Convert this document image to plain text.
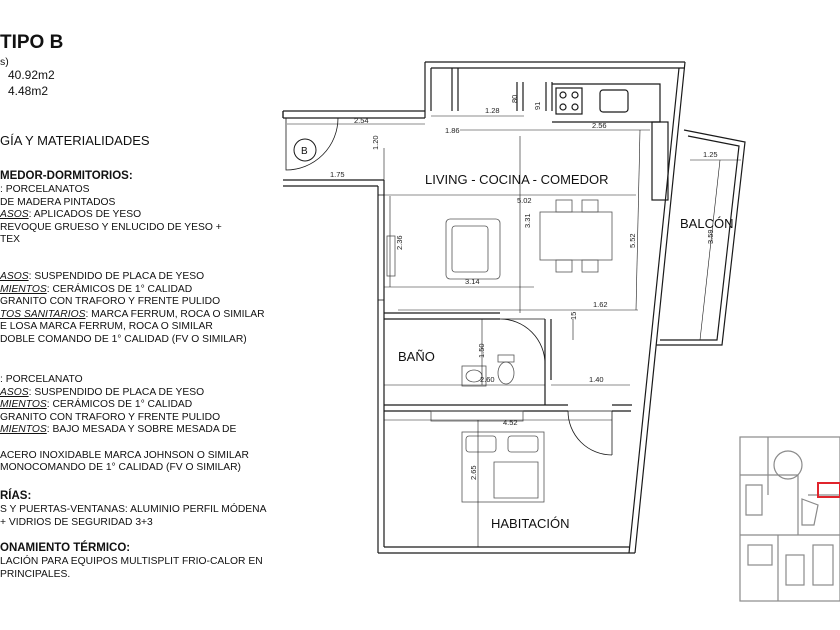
TIPO B
s)
40.92m2
4.48m2
GÍA Y MATERIALIDADES
MEDOR-DORMITORIOS:
: PORCELANATOS
DE MADERA PINTADOS
ASOS: APLICADOS DE YESO
REVOQUE GRUESO Y ENLUCIDO DE YESO +
TEX
ASOS: SUSPENDIDO DE PLACA DE YESO
MIENTOS: CERÁMICOS DE 1° CALIDAD
GRANITO CON TRAFORO Y FRENTE PULIDO
TOS SANITARIOS: MARCA FERRUM, ROCA O SIMILAR
E LOSA MARCA FERRUM, ROCA O SIMILAR
DOBLE COMANDO DE 1° CALIDAD (FV O SIMILAR)
: PORCELANATO
ASOS: SUSPENDIDO DE PLACA DE YESO
MIENTOS: CERÁMICOS DE 1° CALIDAD
GRANITO CON TRAFORO Y FRENTE PULIDO
MIENTOS: BAJO MESADA Y SOBRE MESADA DE
ACERO INOXIDABLE MARCA JOHNSON O SIMILAR
MONOCOMANDO DE 1° CALIDAD (FV O SIMILAR)
RÍAS:
S Y PUERTAS-VENTANAS: ALUMINIO PERFIL MÓDENA
+ VIDRIOS DE SEGURIDAD 3+3
ONAMIENTO TÉRMICO:
LACIÓN PARA EQUIPOS MULTISPLIT FRIO-CALOR EN
PRINCIPALES.
B
LIVING - COCINA - COMEDOR
BALCÓN
BAÑO
HABITACIÓN
2.54
1.86
1.28
80
91
2.56
1.25
1.20
1.75
5.02
3.31
5.52	3.59
2.36
3.14
1.62
15
1.50
2.60	1.40
4.52
2.65
